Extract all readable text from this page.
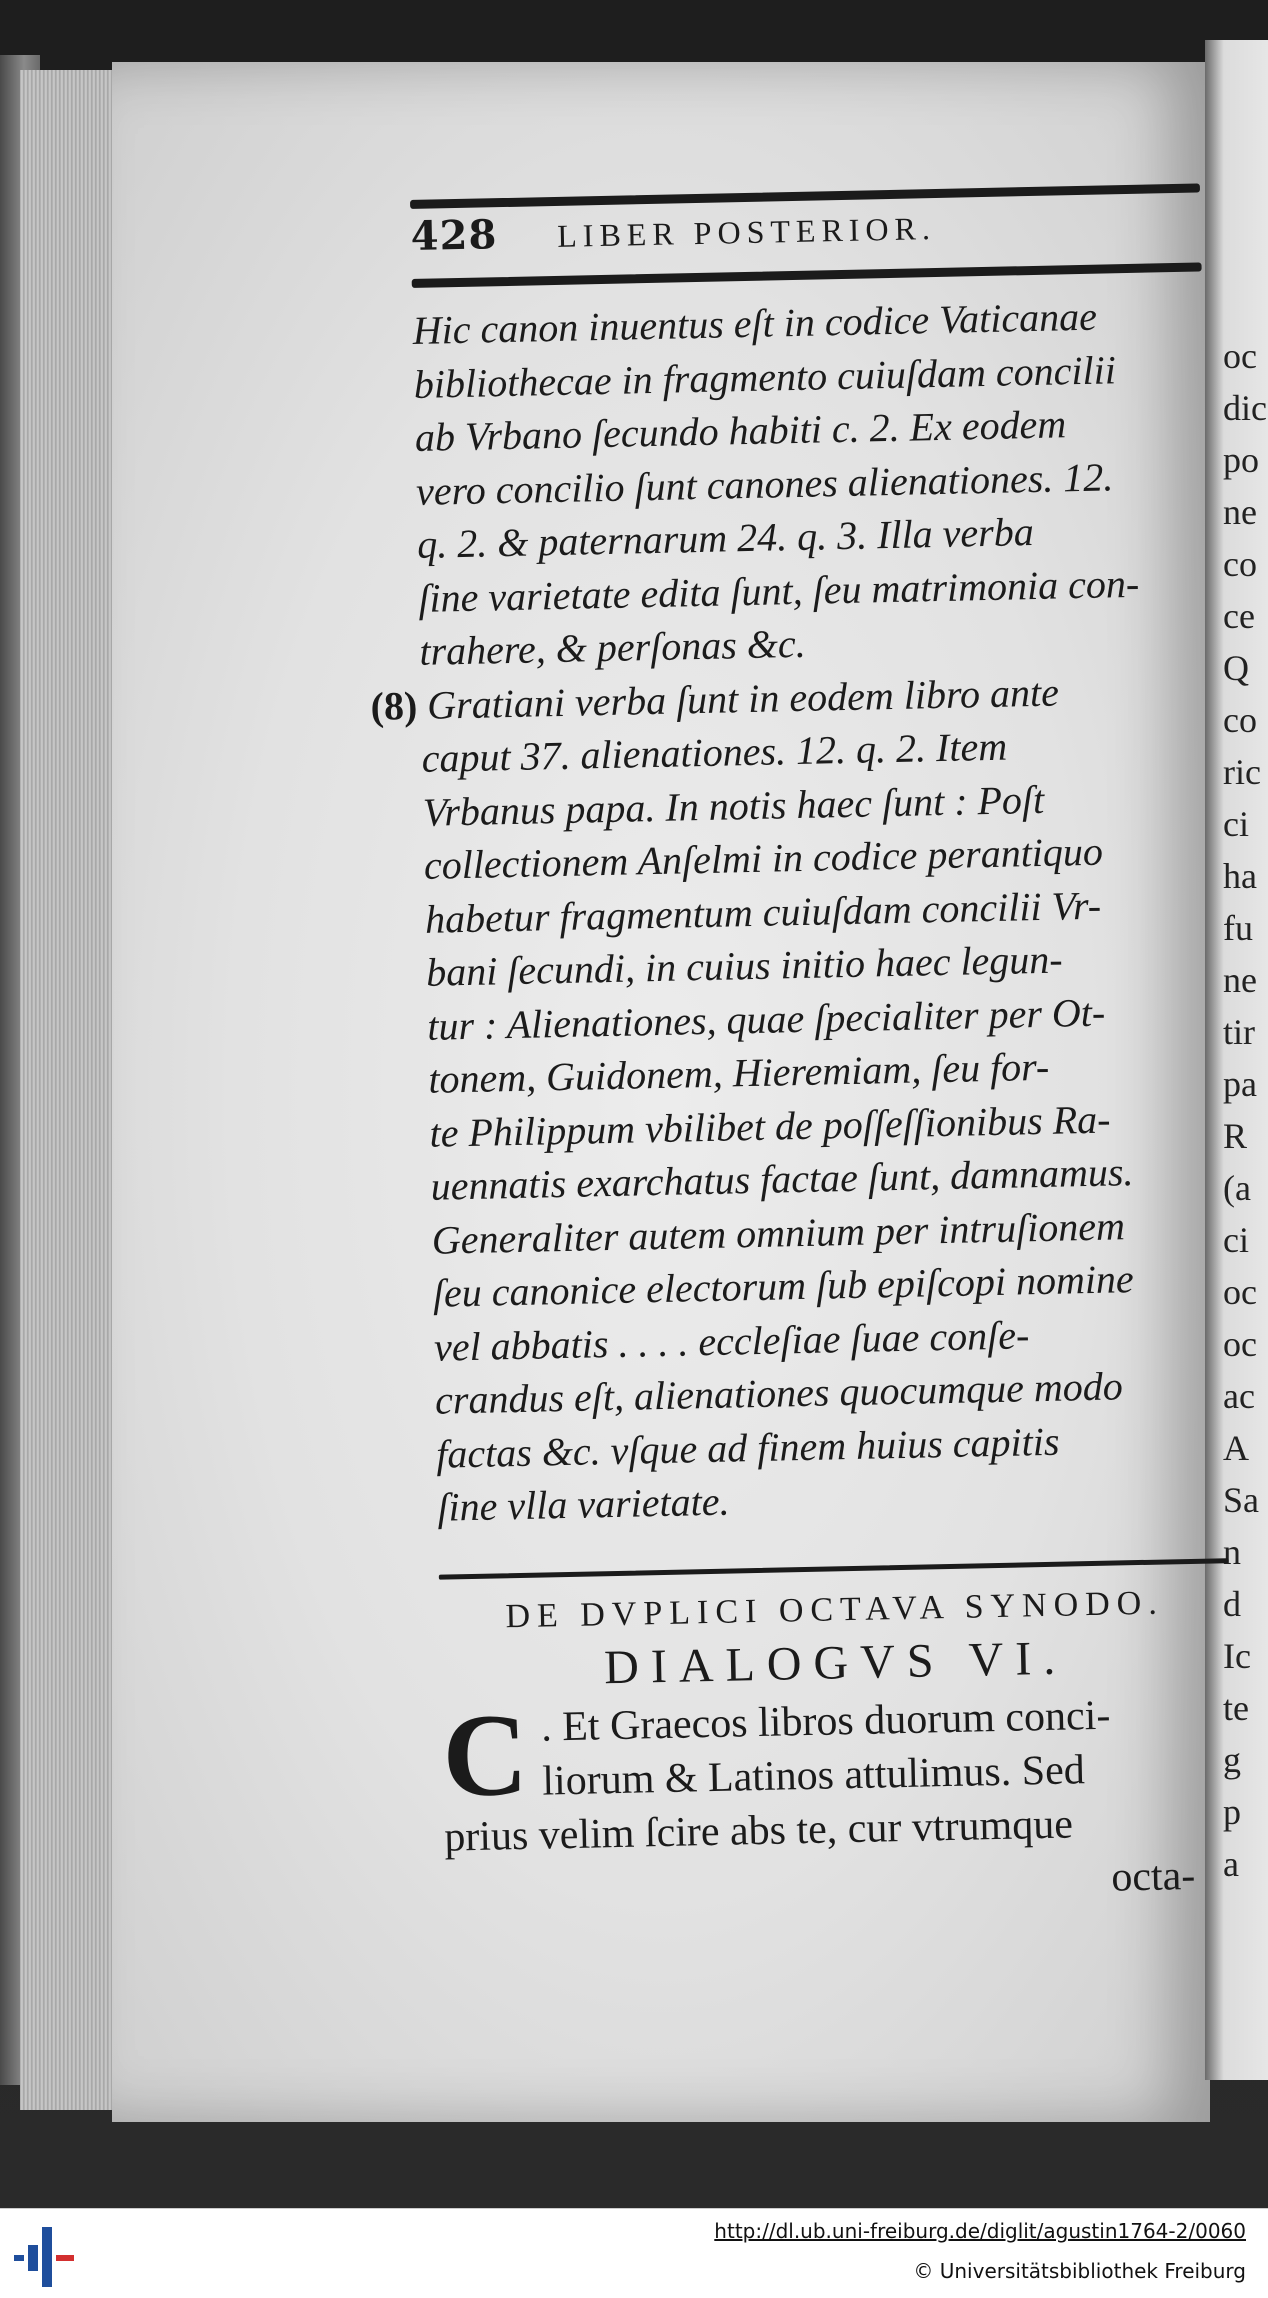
oc
dic
po
ne
co
ce
Q
co
ric
ci
ha
fu
ne
tir
pa
R
(a
ci
oc
oc
ac
A
Sa
n
d
Ic
te
g
p
a
428 LIBER POSTERIOR.
Hic canon inuentus eſt in codice Vaticanae
bibliothecae in fragmento cuiuſdam concilii
ab Vrbano ſecundo habiti c. 2. Ex eodem
vero concilio ſunt canones alienationes. 12.
q. 2. & paternarum 24. q. 3. Illa verba
ſine varietate edita ſunt, ſeu matrimonia con-
trahere, & perſonas &c.
(8) Gratiani verba ſunt in eodem libro ante
caput 37. alienationes. 12. q. 2. Item
Vrbanus papa. In notis haec ſunt : Poſt
collectionem Anſelmi in codice perantiquo
habetur fragmentum cuiuſdam concilii Vr-
bani ſecundi, in cuius initio haec legun-
tur : Alienationes, quae ſpecialiter per Ot-
tonem, Guidonem, Hieremiam, ſeu for-
te Philippum vbilibet de poſſeſſionibus Ra-
uennatis exarchatus factae ſunt, damnamus.
Generaliter autem omnium per intruſionem
ſeu canonice electorum ſub epiſcopi nomine
vel abbatis . . . . eccleſiae ſuae conſe-
crandus eſt, alienationes quocumque modo
factas &c. vſque ad finem huius capitis
ſine vlla varietate.
DE DVPLICI OCTAVA SYNODO.
DIALOGVS VI.
C . Et Graecos libros duorum conci-
liorum & Latinos attulimus. Sed
prius velim ſcire abs te, cur vtrumque
octa-
http://dl.ub.uni-freiburg.de/diglit/agustin1764-2/0060
© Universitätsbibliothek Freiburg
